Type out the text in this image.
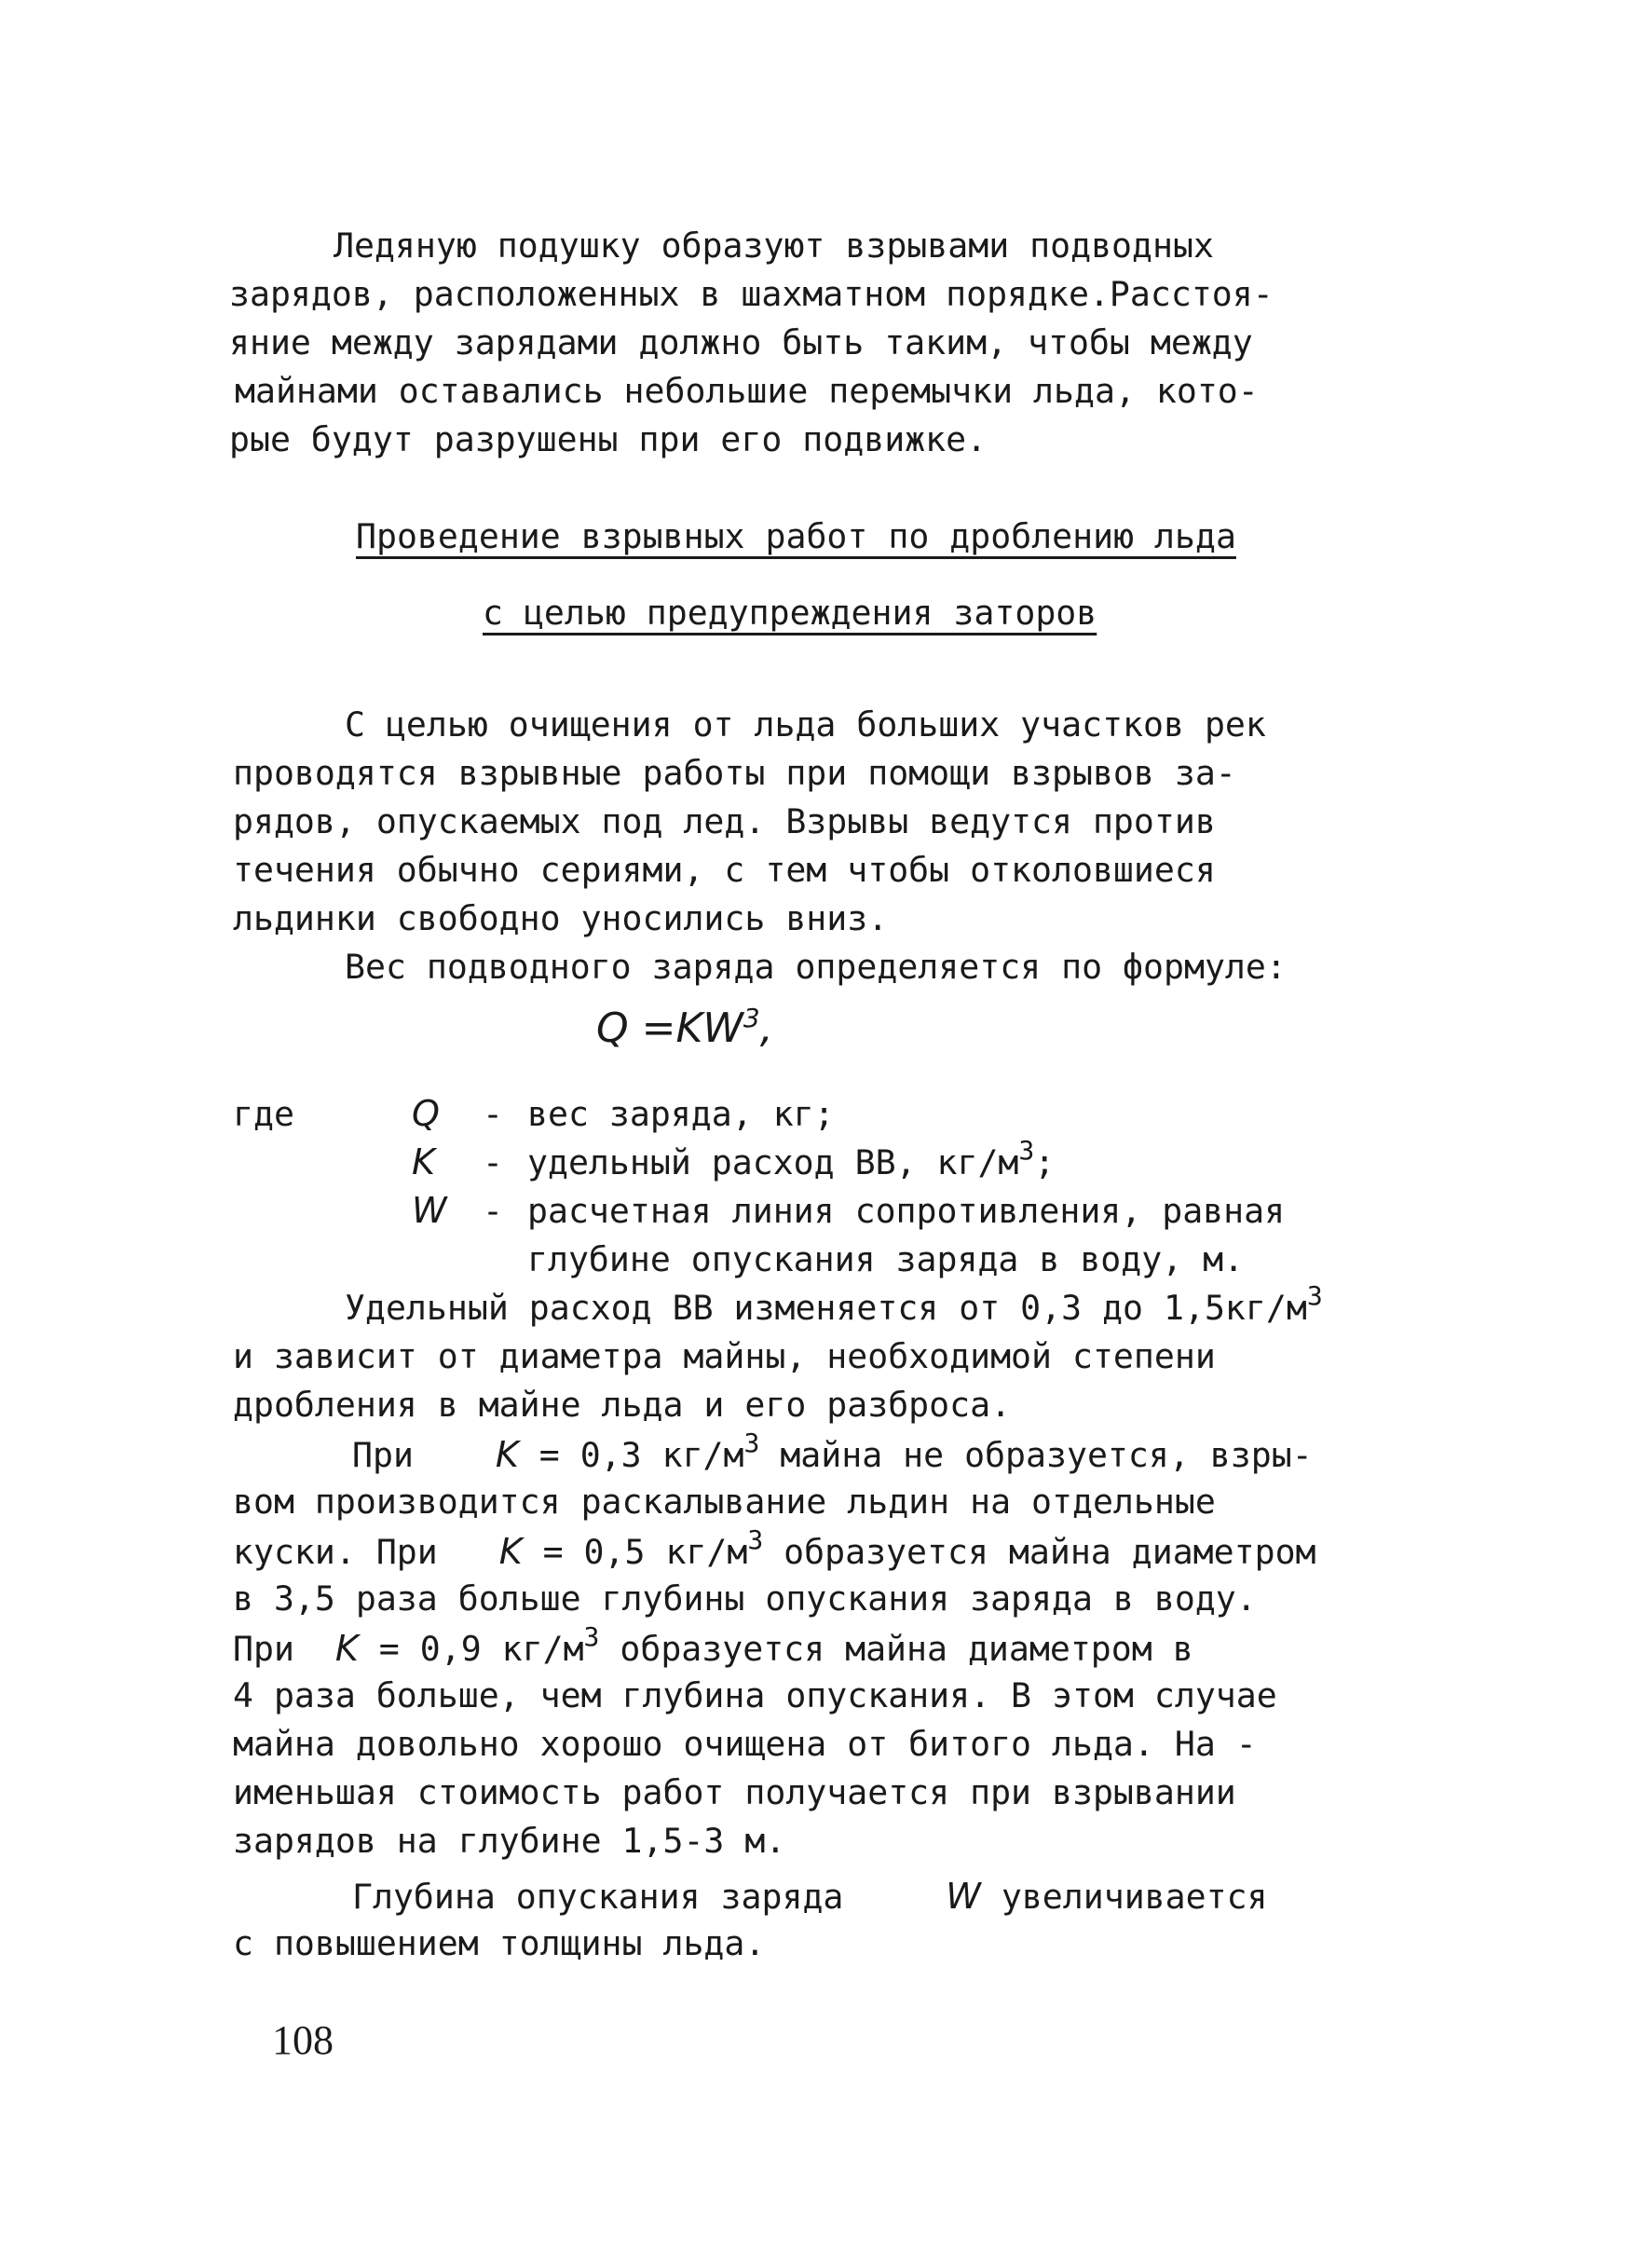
Ледяную подушку образуют взрывами подводных
зарядов, расположенных в шахматном порядке.Расстоя-
яние между зарядами должно быть таким, чтобы между
майнами оставались небольшие перемычки льда, кото-
рые будут разрушены при его подвижке.
Проведение взрывных работ по дроблению льда
с целью предупреждения заторов
С целью очищения от льда больших участков рек
проводятся взрывные работы при помощи взрывов за-
рядов, опускаемых под лед. Взрывы ведутся против
течения обычно сериями, с тем чтобы отколовшиеся
льдинки свободно уносились вниз.
Вес подводного заряда определяется по формуле:
$Q =KW^3$,
где	Q - вес заряда, кг;
K - удельный расход ВВ, $кг/м^3$;
W - расчетная линия сопротивления, равная
глубине опускания заряда в воду, м.
Удельный расход ВВ изменяется от 0,3 до $1,5кг/м^3$
и зависит от диаметра майны, необходимой степени
дробления в майне льда и его разброса.
При K = 0,3 $кг/м^3$ майна не образуется, взры-
вом производится раскалывание льдин на отдельные
куски. При K = 0,5 $кг/м^3$ образуется майна диаметром
в 3,5 раза больше глубины опускания заряда в воду.
При K = 0,9 $кг/м^3$ образуется майна диаметром в
4 раза больше, чем глубина опускания. В этом случае
майна довольно хорошо очищена от битого льда. На -
именьшая стоимость работ получается при взрывании
зарядов на глубине 1,5-3 м.
Глубина опускания заряда	W увеличивается
с повышением толщины льда.
108
